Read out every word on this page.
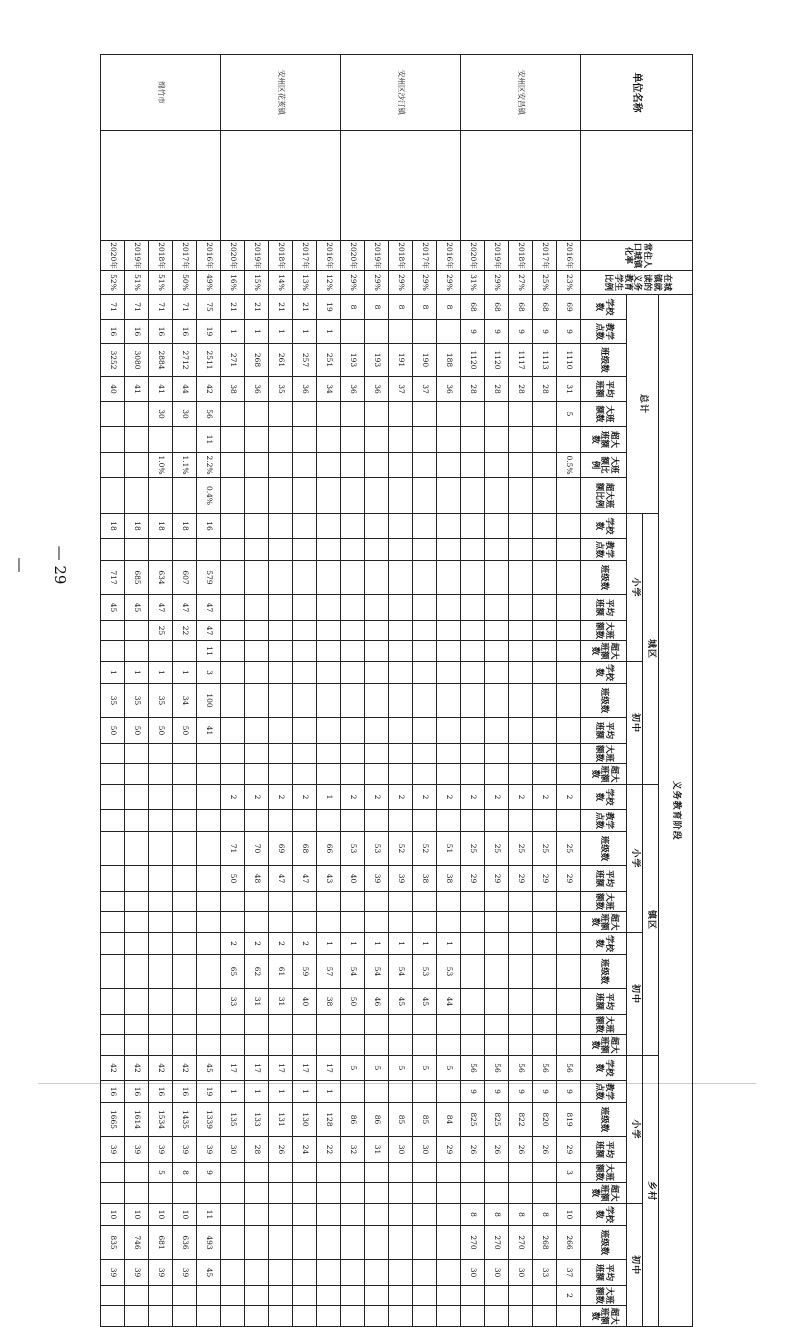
— 29 —
单位名称		常住人口城镇化率	在城镇就读的义务教育学生比例	义务教育阶段																																								
				总计								城区											镇区											乡村										
												小学						初中					小学						初中					小学						初中				
				学校数	教学点数	班级数	平均班额	大班额数	超大班额数	大班额比例	超大班额比例	学校数	教学点数	班级数	平均班额	大班额数	超大班额数	学校数	班级数	平均班额	大班额数	超大班额数	学校数	教学点数	班级数	平均班额	大班额数	超大班额数	学校数	班级数	平均班额	大班额数	超大班额数	学校数	教学点数	班级数	平均班额	大班额数	超大班额数	学校数	班级数	平均班额	大班额数	超大班额数
安州区安昌镇		2016年	23%	69	9	1110	31	5		0.5%													2		25	29								56	9	819	29	3		10	266	37	2	
		2017年	25%	68	9	1113	28																2		25	29								56	9	820	26			8	268	33		
		2018年	27%	68	9	1117	28																2		25	29								56	9	822	26			8	270	30		
		2019年	29%	68	9	1120	28																2		25	29								56	9	825	26			8	270	30		
		2020年	31%	68	9	1120	28																2		25	29								56	9	825	26			8	270	30		
安州区沙汀镇		2016年	29%	8		188	36																2		51	38			1	53	44			5		84	29							
		2017年	29%	8		190	37																2		52	38			1	53	45			5		85	30							
		2018年	29%	8		191	37																2		52	39			1	54	45			5		85	30							
		2019年	29%	8		193	36																2		53	39			1	54	46			5		86	31							
		2020年	29%	8		193	36																2		53	40			1	54	50			5		86	32							
安州区花荄镇		2016年	12%	19	1	251	34																1		66	43			1	57	38			17	1	128	22							
		2017年	13%	21	1	257	36																2		68	47			2	59	40			17	1	130	24							
		2018年	14%	21	1	261	35																2		69	47			2	61	31			17	1	131	26							
		2019年	15%	21	1	268	36																2		70	48			2	62	31			17	1	133	28							
		2020年	16%	21	1	271	38																2		71	50			2	65	33			17	1	135	30							
绵竹市		2016年	49%	75	19	2511	42	56	11	2.2%	0.4%	16		579	47	47	11	3	100	41														45	19	1339	39	9		11	493	45		
		2017年	50%	71	16	2712	44	30		1.1%		18		607	47	22		1	34	50														42	16	1435	39	8		10	636	39		
		2018年	51%	71	16	2884	41	30		1.0%		18		634	47	25		1	35	50														42	16	1534	39	5		10	681	39		
		2019年	51%	71	16	3080	41					18		685	45			1	35	50														42	16	1614	39			10	746	39		
		2020年	52%	71	16	3252	40					18		717	45			1	35	50														42	16	1665	39			10	835	39		
